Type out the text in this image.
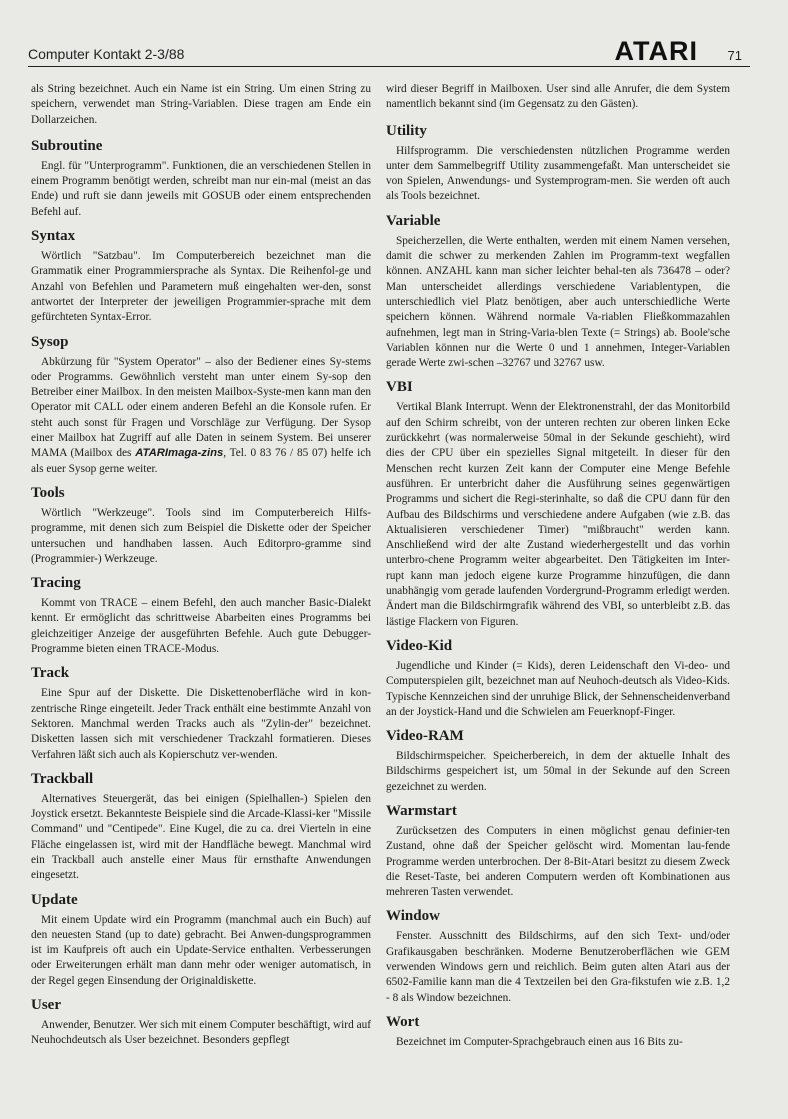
Computer Kontakt 2-3/88	ATARI 71

als String bezeichnet. Auch ein Name ist ein String. Um einen String zu speichern, verwendet man String-Variablen. Diese tragen am Ende ein Dollarzeichen.

Subroutine

Engl. für "Unterprogramm". Funktionen, die an verschiedenen Stellen in einem Programm benötigt werden, schreibt man nur ein-mal (meist an das Ende) und ruft sie dann jeweils mit GOSUB oder einem entsprechenden Befehl auf.

Syntax

Wörtlich "Satzbau". Im Computerbereich bezeichnet man die Grammatik einer Programmiersprache als Syntax. Die Reihenfol-ge und Anzahl von Befehlen und Parametern muß eingehalten wer-den, sonst antwortet der Interpreter der jeweiligen Programmier-sprache mit dem gefürchteten Syntax-Error.

Sysop

Abkürzung für "System Operator" – also der Bediener eines Sy-stems oder Programms. Gewöhnlich versteht man unter einem Sy-sop den Betreiber einer Mailbox. In den meisten Mailbox-Syste-men kann man den Operator mit CALL oder einem anderen Befehl an die Konsole rufen. Er steht auch sonst für Fragen und Vorschläge zur Verfügung. Der Sysop einer Mailbox hat Zugriff auf alle Daten in seinem System. Bei unserer MAMA (Mailbox des ATARImaga-zins, Tel. 0 83 76 / 85 07) helfe ich als euer Sysop gerne weiter.

Tools

Wörtlich "Werkzeuge". Tools sind im Computerbereich Hilfs-programme, mit denen sich zum Beispiel die Diskette oder der Speicher untersuchen und handhaben lassen. Auch Editorpro-gramme sind (Programmier-) Werkzeuge.

Tracing

Kommt von TRACE – einem Befehl, den auch mancher Basic-Dialekt kennt. Er ermöglicht das schrittweise Abarbeiten eines Programms bei gleichzeitiger Anzeige der ausgeführten Befehle. Auch gute Debugger-Programme bieten einen TRACE-Modus.

Track

Eine Spur auf der Diskette. Die Diskettenoberfläche wird in kon-zentrische Ringe eingeteilt. Jeder Track enthält eine bestimmte Anzahl von Sektoren. Manchmal werden Tracks auch als "Zylin-der" bezeichnet. Disketten lassen sich mit verschiedener Trackzahl formatieren. Dieses Verfahren läßt sich auch als Kopierschutz ver-wenden.

Trackball

Alternatives Steuergerät, das bei einigen (Spielhallen-) Spielen den Joystick ersetzt. Bekannteste Beispiele sind die Arcade-Klassi-ker "Missile Command" und "Centipede". Eine Kugel, die zu ca. drei Vierteln in eine Fläche eingelassen ist, wird mit der Handfläche bewegt. Manchmal wird ein Trackball auch anstelle einer Maus für ernsthafte Anwendungen eingesetzt.

Update

Mit einem Update wird ein Programm (manchmal auch ein Buch) auf den neuesten Stand (up to date) gebracht. Bei Anwen-dungsprogrammen ist im Kaufpreis oft auch ein Update-Service enthalten. Verbesserungen oder Erweiterungen erhält man dann mehr oder weniger automatisch, in der Regel gegen Einsendung der Originaldiskette.

User

Anwender, Benutzer. Wer sich mit einem Computer beschäftigt, wird auf Neuhochdeutsch als User bezeichnet. Besonders gepflegt

wird dieser Begriff in Mailboxen. User sind alle Anrufer, die dem System namentlich bekannt sind (im Gegensatz zu den Gästen).

Utility

Hilfsprogramm. Die verschiedensten nützlichen Programme werden unter dem Sammelbegriff Utility zusammengefaßt. Man unterscheidet sie von Spielen, Anwendungs- und Systemprogram-men. Sie werden oft auch als Tools bezeichnet.

Variable

Speicherzellen, die Werte enthalten, werden mit einem Namen versehen, damit die schwer zu merkenden Zahlen im Programm-text wegfallen können. ANZAHL kann man sicher leichter behal-ten als 736478 – oder? Man unterscheidet allerdings verschiedene Variablentypen, die unterschiedlich viel Platz benötigen, aber auch unterschiedliche Werte speichern können. Während normale Va-riablen Fließkommazahlen aufnehmen, legt man in String-Varia-blen Texte (= Strings) ab. Boole'sche Variablen können nur die Werte 0 und 1 annehmen, Integer-Variablen gerade Werte zwi-schen –32767 und 32767 usw.

VBI

Vertikal Blank Interrupt. Wenn der Elektronenstrahl, der das Monitorbild auf den Schirm schreibt, von der unteren rechten zur oberen linken Ecke zurückkehrt (was normalerweise 50mal in der Sekunde geschieht), wird dies der CPU über ein spezielles Signal mitgeteilt. In dieser für den Menschen recht kurzen Zeit kann der Computer eine Menge Befehle ausführen. Er unterbricht daher die Ausführung seines gegenwärtigen Programms und sichert die Regi-sterinhalte, so daß die CPU dann für den Aufbau des Bildschirms und verschiedene andere Aufgaben (wie z.B. das Aktualisieren verschiedener Timer) "mißbraucht" werden kann. Anschließend wird der alte Zustand wiederhergestellt und das vorhin unterbro-chene Programm weiter abgearbeitet. Den Tätigkeiten im Inter-rupt kann man jedoch eigene kurze Programme hinzufügen, die dann unabhängig vom gerade laufenden Vordergrund-Programm erledigt werden. Ändert man die Bildschirmgrafik während des VBI, so unterbleibt z.B. das lästige Flackern von Figuren.

Video-Kid

Jugendliche und Kinder (= Kids), deren Leidenschaft den Vi-deo- und Computerspielen gilt, bezeichnet man auf Neuhoch-deutsch als Video-Kids. Typische Kennzeichen sind der unruhige Blick, der Sehnenscheidenverband an der Joystick-Hand und die Schwielen am Feuerknopf-Finger.

Video-RAM

Bildschirmspeicher. Speicherbereich, in dem der aktuelle Inhalt des Bildschirms gespeichert ist, um 50mal in der Sekunde auf den Screen gezeichnet zu werden.

Warmstart

Zurücksetzen des Computers in einen möglichst genau definier-ten Zustand, ohne daß der Speicher gelöscht wird. Momentan lau-fende Programme werden unterbrochen. Der 8-Bit-Atari besitzt zu diesem Zweck die Reset-Taste, bei anderen Computern werden oft Kombinationen aus mehreren Tasten verwendet.

Window

Fenster. Ausschnitt des Bildschirms, auf den sich Text- und/oder Grafikausgaben beschränken. Moderne Benutzeroberflächen wie GEM verwenden Windows gern und reichlich. Beim guten alten Atari aus der 6502-Familie kann man die 4 Textzeilen bei den Gra-fikstufen wie z.B. 1,2 - 8 als Window bezeichnen.

Wort

Bezeichnet im Computer-Sprachgebrauch einen aus 16 Bits zu-
